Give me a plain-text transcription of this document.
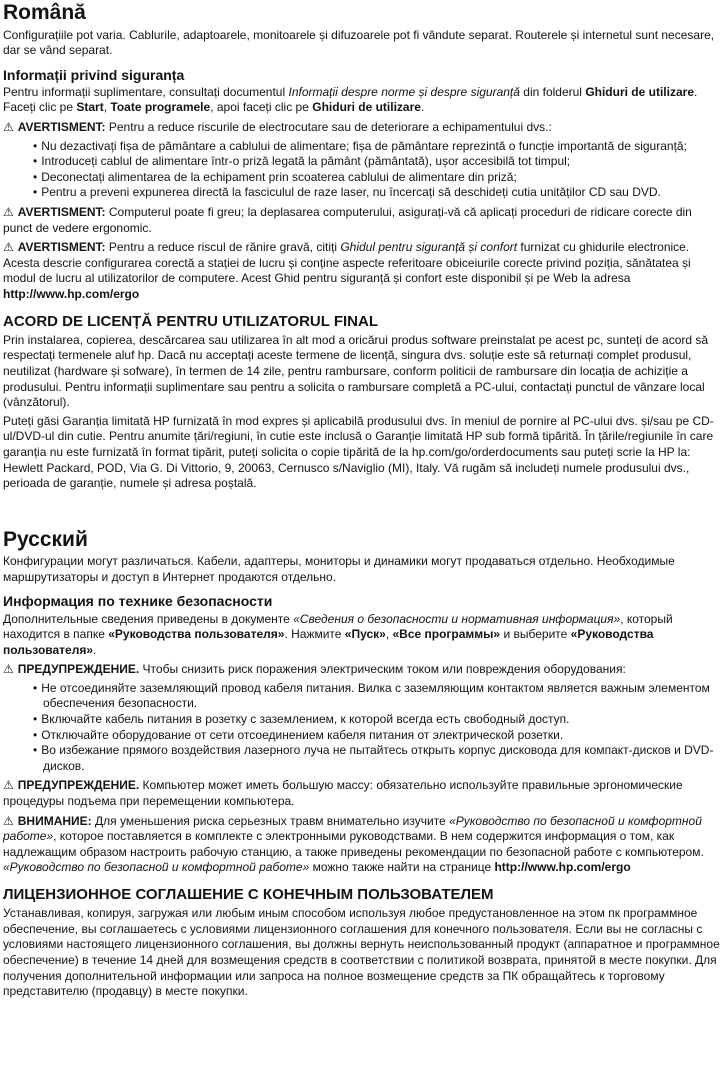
Română

Configurațiile pot varia. Cablurile, adaptoarele, monitoarele și difuzoarele pot fi vândute separat. Routerele și internetul sunt necesare, dar se vând separat.

Informații privind siguranța

Pentru informații suplimentare, consultați documentul Informații despre norme și despre siguranță din folderul Ghiduri de utilizare. Faceți clic pe Start, Toate programele, apoi faceți clic pe Ghiduri de utilizare.

⚠ AVERTISMENT: Pentru a reduce riscurile de electrocutare sau de deteriorare a echipamentului dvs.:

• Nu dezactivați fișa de pământare a cablului de alimentare; fișa de pământare reprezintă o funcție importantă de siguranță;
• Introduceți cablul de alimentare într-o priză legată la pământ (pământată), ușor accesibilă tot timpul;
• Deconectați alimentarea de la echipament prin scoaterea cablului de alimentare din priză;
• Pentru a preveni expunerea directă la fasciculul de raze laser, nu încercați să deschideți cutia unităților CD sau DVD.

⚠ AVERTISMENT: Computerul poate fi greu; la deplasarea computerului, asigurați-vă că aplicați proceduri de ridicare corecte din punct de vedere ergonomic.

⚠ AVERTISMENT: Pentru a reduce riscul de rănire gravă, citiți Ghidul pentru siguranță și confort furnizat cu ghidurile electronice. Acesta descrie configurarea corectă a stației de lucru și conține aspecte referitoare obiceiurile corecte privind poziția, sănătatea și modul de lucru al utilizatorilor de computere. Acest Ghid pentru siguranță și confort este disponibil și pe Web la adresa http://www.hp.com/ergo

ACORD DE LICENȚĂ PENTRU UTILIZATORUL FINAL

Prin instalarea, copierea, descărcarea sau utilizarea în alt mod a oricărui produs software preinstalat pe acest pc, sunteți de acord să respectați termenele aluf hp. Dacă nu acceptați aceste termene de licență, singura dvs. soluție este să returnați complet produsul, neutilizat (hardware și sofware), în termen de 14 zile, pentru rambursare, conform politicii de rambursare din locația de achiziție a produsului. Pentru informații suplimentare sau pentru a solicita o rambursare completă a PC-ului, contactați punctul de vânzare local (vânzătorul).

Puteți găsi Garanția limitată HP furnizată în mod expres și aplicabilă produsului dvs. în meniul de pornire al PC-ului dvs. și/sau pe CD-ul/DVD-ul din cutie. Pentru anumite țări/regiuni, în cutie este inclusă o Garanție limitată HP sub formă tipărită. În țările/regiunile în care garanția nu este furnizată în format tipărit, puteți solicita o copie tipărită de la hp.com/go/orderdocuments sau puteți scrie la HP la: Hewlett Packard, POD, Via G. Di Vittorio, 9, 20063, Cernusco s/Naviglio (MI), Italy. Vă rugăm să includeți numele produsului dvs., perioada de garanție, numele și adresa poștală.

Русский

Конфигурации могут различаться. Кабели, адаптеры, мониторы и динамики могут продаваться отдельно. Необходимые маршрутизаторы и доступ в Интернет продаются отдельно.

Информация по технике безопасности

Дополнительные сведения приведены в документе «Сведения о безопасности и нормативная информация», который находится в папке «Руководства пользователя». Нажмите «Пуск», «Все программы» и выберите «Руководства пользователя».

⚠ ПРЕДУПРЕЖДЕНИЕ. Чтобы снизить риск поражения электрическим током или повреждения оборудования:

• Не отсоединяйте заземляющий провод кабеля питания. Вилка с заземляющим контактом является важным элементом обеспечения безопасности.
• Включайте кабель питания в розетку с заземлением, к которой всегда есть свободный доступ.
• Отключайте оборудование от сети отсоединением кабеля питания от электрической розетки.
• Во избежание прямого воздействия лазерного луча не пытайтесь открыть корпус дисковода для компакт-дисков и DVD-дисков.

⚠ ПРЕДУПРЕЖДЕНИЕ. Компьютер может иметь большую массу: обязательно используйте правильные эргономические процедуры подъема при перемещении компьютера.

⚠ ВНИМАНИЕ: Для уменьшения риска серьезных травм внимательно изучите «Руководство по безопасной и комфортной работе», которое поставляется в комплекте с электронными руководствами. В нем содержится информация о том, как надлежащим образом настроить рабочую станцию, а также приведены рекомендации по безопасной работе с компьютером. «Руководство по безопасной и комфортной работе» можно также найти на странице http://www.hp.com/ergo

ЛИЦЕНЗИОННОЕ СОГЛАШЕНИЕ С КОНЕЧНЫМ ПОЛЬЗОВАТЕЛЕМ

Устанавливая, копируя, загружая или любым иным способом используя любое предустановленное на этом пк программное обеспечение, вы соглашаетесь с условиями лицензионного соглашения для конечного пользователя. Если вы не согласны с условиями настоящего лицензионного соглашения, вы должны вернуть неиспользованный продукт (аппаратное и программное обеспечение) в течение 14 дней для возмещения средств в соответствии с политикой возврата, принятой в месте покупки. Для получения дополнительной информации или запроса на полное возмещение средств за ПК обращайтесь к торговому представителю (продавцу) в месте покупки.
